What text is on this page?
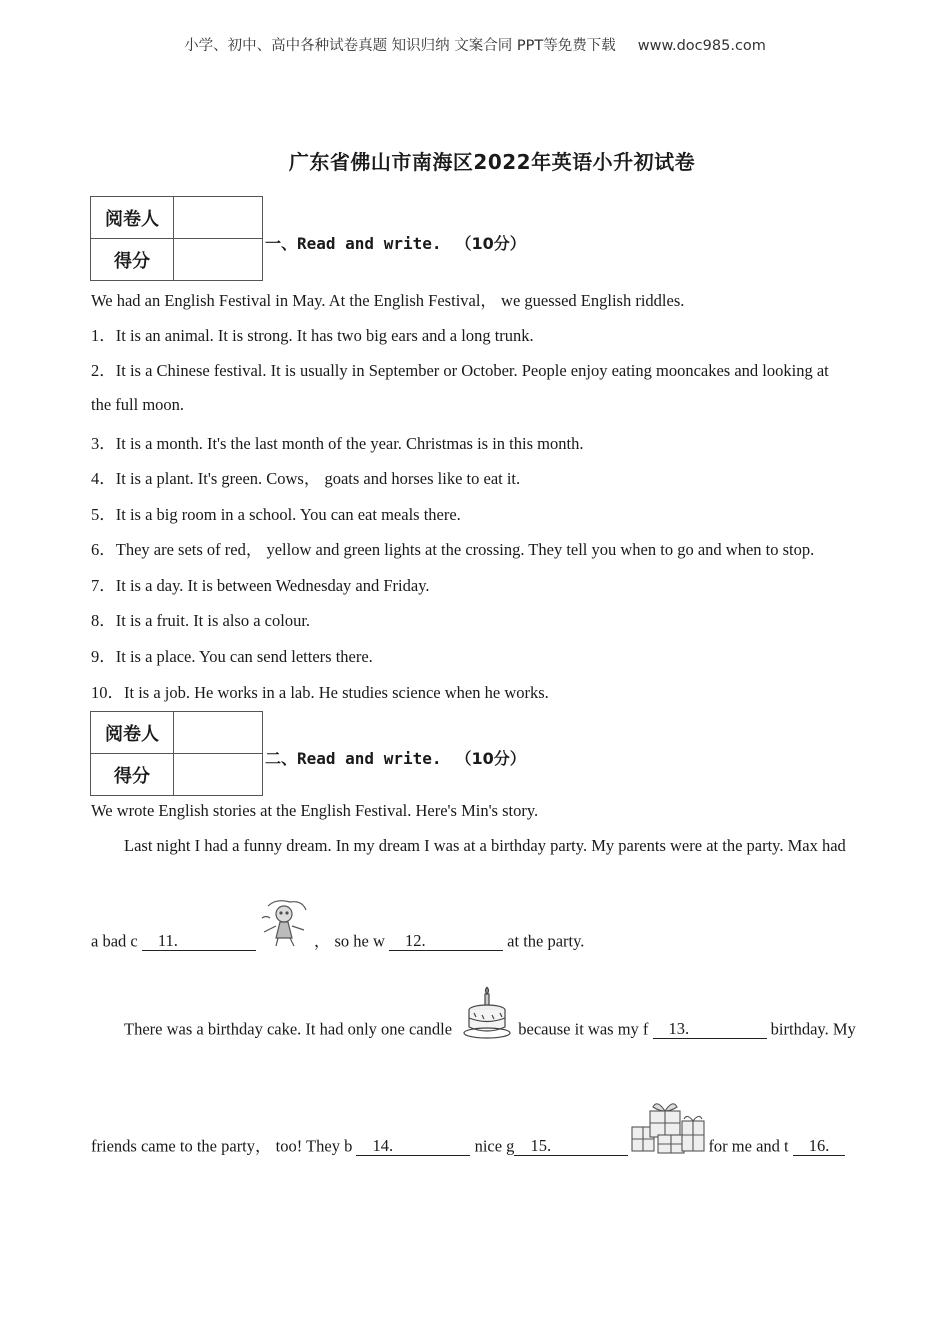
小学、初中、高中各种试卷真题 知识归纳 文案合同 PPT等免费下载 www.doc985.com
广东省佛山市南海区2022年英语小升初试卷
阅卷人	
得分	
一、Read and write. （10分）
We had an English Festival in May. At the English Festival， we guessed English riddles.
1．It is an animal. It is strong. It has two big ears and a long trunk.
2．It is a Chinese festival. It is usually in September or October. People enjoy eating mooncakes and looking at
the full moon.
3．It is a month. It's the last month of the year. Christmas is in this month.
4．It is a plant. It's green. Cows， goats and horses like to eat it.
5．It is a big room in a school. You can eat meals there.
6．They are sets of red， yellow and green lights at the crossing. They tell you when to go and when to stop.
7．It is a day. It is between Wednesday and Friday.
8．It is a fruit. It is also a colour.
9．It is a place. You can send letters there.
10．It is a job. He works in a lab. He studies science when he works.
阅卷人	
得分	
二、Read and write. （10分）
We wrote English stories at the English Festival. Here's Min's story.
Last night I had a funny dream. In my dream I was at a birthday party. My parents were at the party. Max had
a bad c 11.	， so he w 12.	at the party.
There was a birthday cake. It had only one candle	because it was my f 13.	birthday. My
friends came to the party， too! They b 14.	nice g 15.	for me and t 16.
